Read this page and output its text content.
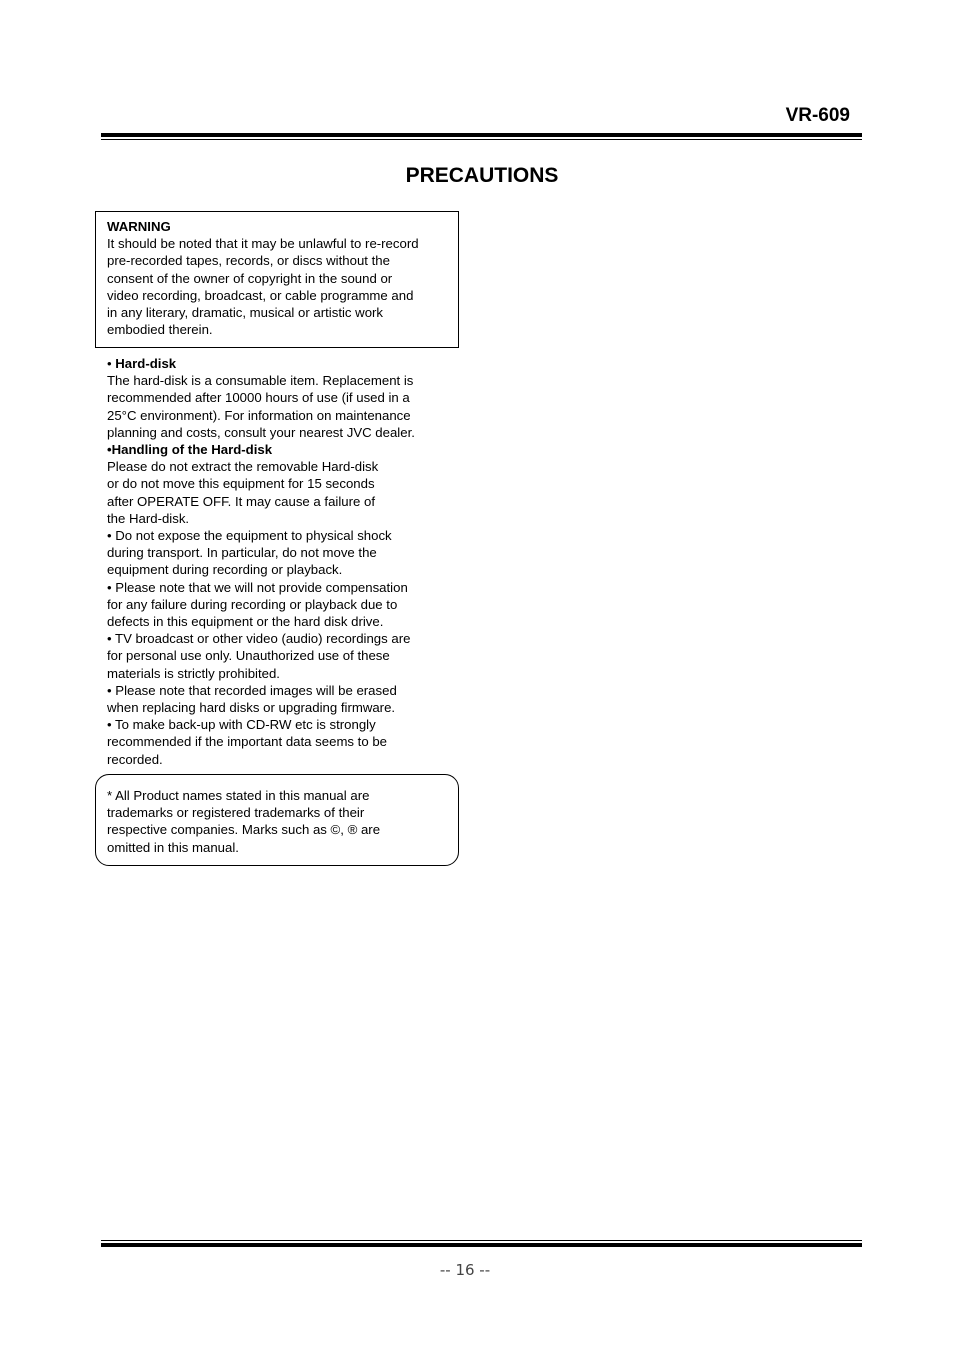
VR-609
PRECAUTIONS
WARNING
It should be noted that it may be unlawful to re-record
pre-recorded tapes, records, or discs without the
consent of the owner of copyright in the sound or
video recording, broadcast, or cable programme and
in any literary, dramatic, musical or artistic work
embodied therein.
• Hard-disk
The hard-disk is a consumable item. Replacement is
recommended after 10000 hours of use (if used in a
25°C environment). For information on maintenance
planning and costs, consult your nearest JVC dealer.
•Handling of the Hard-disk
Please do not extract the removable Hard-disk
or do not move this equipment for 15 seconds
after OPERATE OFF. It may cause a failure of
the Hard-disk.
• Do not expose the equipment to physical shock
during transport. In particular, do not move the
equipment during recording or playback.
• Please note that we will not provide compensation
for any failure during recording or playback due to
defects in this equipment or the hard disk drive.
• TV broadcast or other video (audio) recordings are
for personal use only. Unauthorized use of these
materials is strictly prohibited.
• Please note that recorded images will be erased
when replacing hard disks or upgrading firmware.
• To make back-up with CD-RW etc is strongly
recommended if the important data seems to be
recorded.
* All Product names stated in this manual are
trademarks or registered trademarks of their
respective companies. Marks such as ©, ® are
omitted in this manual.
-- 16 --
